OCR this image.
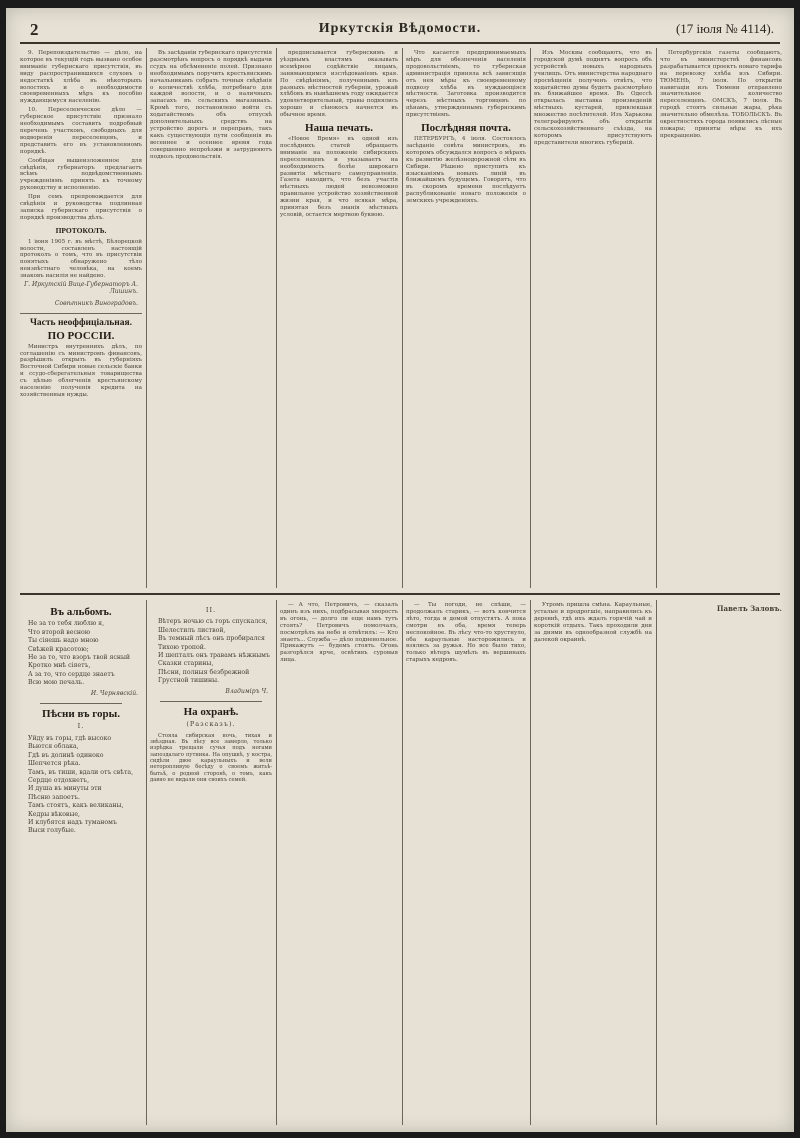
2	Иркутскія Вѣдомости.	(17 іюля № 4114).

9. Перепоиздательство — дѣло, на которое въ текущій годъ вызвано особое вниманіе губернскаго присутствія, въ виду распространившихся слуховъ о недостаткѣ хлѣба въ нѣкоторыхъ волостяхъ и о необходимости своевременныхъ мѣръ къ пособію нуждающемуся населенію.

10. Переселенческое дѣло — губернское присутствіе признало необходимымъ составить подробный перечень участковъ, свободныхъ для водворенія переселенцевъ, и представить его въ установленномъ порядкѣ.

Сообщая вышеизложенное для свѣдѣнія, губернаторъ предлагаетъ всѣмъ подвѣдомственнымъ учрежденіямъ принять къ точному руководству и исполненію.

При семъ препровождается для свѣдѣнія и руководства подлинная записка губернскаго присутствія о порядкѣ производства дѣлъ.

ПРОТОКОЛЪ.

1 іюня 1905 г. въ мѣстѣ, Бѣлорецкой волости, составленъ настоящій протоколъ о томъ, что въ присутствіи понятыхъ обнаружено тѣло неизвѣстнаго человѣка, на коемъ знаковъ насилія не найдено.

Г. Иркутскій Вице-Губернаторъ А. Лишинъ.
Совѣтникъ Виноградовъ.
Часть неоффиціальная.
ПО РОССІИ.

Министръ внутреннихъ дѣлъ, по соглашенію съ министромъ финансовъ, разрѣшилъ открыть въ губерніяхъ Восточной Сибири новые сельскіе банки и ссудо-сберегательныя товарищества съ цѣлью облегченія крестьянскому населенію полученія кредита на хозяйственныя нужды.

Въ засѣданіи губернскаго присутствія разсмотрѣнъ вопросъ о порядкѣ выдачи ссудъ на обсѣмененіе полей. Признано необходимымъ поручить крестьянскимъ начальникамъ собрать точныя свѣдѣнія о количествѣ хлѣба, потребнаго для каждой волости, и о наличныхъ запасахъ въ сельскихъ магазинахъ. Кромѣ того, постановлено войти съ ходатайствомъ объ отпускѣ дополнительныхъ средствъ на устройство дорогъ и переправъ, такъ какъ существующія пути сообщенія въ весеннее и осеннее время года совершенно непроѣзжи и затрудняютъ подвозъ продовольствія.

предписывается губернскимъ и уѣзднымъ властямъ оказывать всемѣрное содѣйствіе лицамъ, занимающимся изслѣдованіемъ края. По свѣдѣніямъ, полученнымъ изъ разныхъ мѣстностей губерніи, урожай хлѣбовъ въ нынѣшнемъ году ожидается удовлетворительный, травы поднялись хорошо и сѣнокосъ начнется въ обычное время.

Наша печать.

«Новое Время» въ одной изъ послѣднихъ статей обращаетъ вниманіе на положеніе сибирскихъ переселенцевъ и указываетъ на необходимость болѣе широкаго развитія мѣстнаго самоуправленія. Газета находитъ, что безъ участія мѣстныхъ людей невозможно правильное устройство хозяйственной жизни края, и что всякая мѣра, принятая безъ знанія мѣстныхъ условій, остается мертвою буквою.

Что касается предпринимаемыхъ мѣръ для обезпеченія населенія продовольствіемъ, то губернская администрація приняла всѣ зависящія отъ нея мѣры къ своевременному подвозу хлѣба въ нуждающіяся мѣстности. Заготовка производится черезъ мѣстныхъ торговцевъ по цѣнамъ, утвержденнымъ губернскимъ присутствіемъ.

Послѣдняя почта.

ПЕТЕРБУРГЪ, 4 іюля. Состоялось засѣданіе совѣта министровъ, въ которомъ обсуждался вопросъ о мѣрахъ къ развитію желѣзнодорожной сѣти въ Сибири. Рѣшено приступить къ изысканіямъ новыхъ линій въ ближайшемъ будущемъ. Говорятъ, что въ скоромъ времени послѣдуетъ распубликованіе новаго положенія о земскихъ учрежденіяхъ.

Изъ Москвы сообщаютъ, что въ городской думѣ поднятъ вопросъ объ устройствѣ новыхъ народныхъ училищъ. Отъ министерства народнаго просвѣщенія полученъ отвѣтъ, что ходатайство думы будетъ разсмотрѣно въ ближайшее время. Въ Одессѣ открылась выставка произведеній мѣстныхъ кустарей, привлекшая множество посѣтителей. Изъ Харькова телеграфируютъ объ открытіи сельскохозяйственнаго съѣзда, на которомъ присутствуютъ представители многихъ губерній.

Петербургскія газеты сообщаютъ, что въ министерствѣ финансовъ разрабатывается проектъ новаго тарифа на перевозку хлѣба изъ Сибири. ТЮМЕНЬ, 7 іюля. По открытіи навигаціи изъ Тюмени отправлено значительное количество переселенцевъ. ОМСКЪ, 7 іюля. Въ городѣ стоятъ сильные жары, рѣка значительно обмелѣла. ТОБОЛЬСКЪ. Въ окрестностяхъ города появились лѣсные пожары; приняты мѣры къ ихъ прекращенію.

Въ альбомъ.
Не за то тебя люблю я,
Что второй весною
Ты сіяешь надо мною
Свѣжей красотою;
Не за то, что взоръ твой ясный
Кротко мнѣ сіяетъ,
А за то, что сердце знаетъ
Всю мою печаль.
И. Чернявскій.
Пѣсни въ горы.
I.
Уйду въ горы, гдѣ высоко
Вьются облака,
Гдѣ въ долинѣ одиноко
Шепчется рѣка.
Тамъ, въ тиши, вдали отъ свѣта,
Сердце отдохнетъ,
И душа въ минуты эти
Пѣсню запоетъ.
Тамъ стоятъ, какъ великаны,
Кедры вѣковые,
И клубятся надъ туманомъ
Выси голубые.
II.
Вѣтеръ ночью съ горъ спускался,
Шелестилъ листвой,
Въ темный лѣсъ онъ пробирался
Тихою тропой.
И шепталъ онъ травамъ нѣжнымъ
Сказки старины,
Пѣсни, полныя безбрежной
Грустной тишины.
Владиміръ Ч.
На охранѣ.
(Разсказъ).

Стояла сибирская ночь, тихая и звѣздная. Въ лѣсу все замерло, только изрѣдка трещали сучья подъ ногами запоздалаго путника. На опушкѣ, у костра, сидѣли двое караульныхъ и вели неторопливую бесѣду о своемъ житьѣ-бытьѣ, о родной сторонѣ, о томъ, какъ давно не видали они своихъ семей.

— А что, Петровичъ, — сказалъ одинъ изъ нихъ, подбрасывая хворостъ въ огонь, — долго ли еще намъ тутъ стоять? Петровичъ помолчалъ, посмотрѣлъ на небо и отвѣтилъ: — Кто знаетъ... Служба — дѣло подневольное. Прикажутъ — будемъ стоять. Огонь разгорѣлся ярче, освѣтивъ суровыя лица.

— Ты погоди, не спѣши, — продолжалъ старикъ, — вотъ кончится лѣто, тогда и домой отпустятъ. А пока смотри въ оба, время теперь неспокойное. Въ лѣсу что-то хрустнуло, оба караульные насторожились и взялись за ружья. Но все было тихо, только вѣтеръ шумѣлъ въ вершинахъ старыхъ кедровъ.

Утромъ пришла смѣна. Караульные, усталые и продрогшіе, направились къ деревнѣ, гдѣ ихъ ждалъ горячій чай и короткій отдыхъ. Такъ проходили дни за днями въ однообразной службѣ на далекой окраинѣ.

Павелъ Заловъ.
